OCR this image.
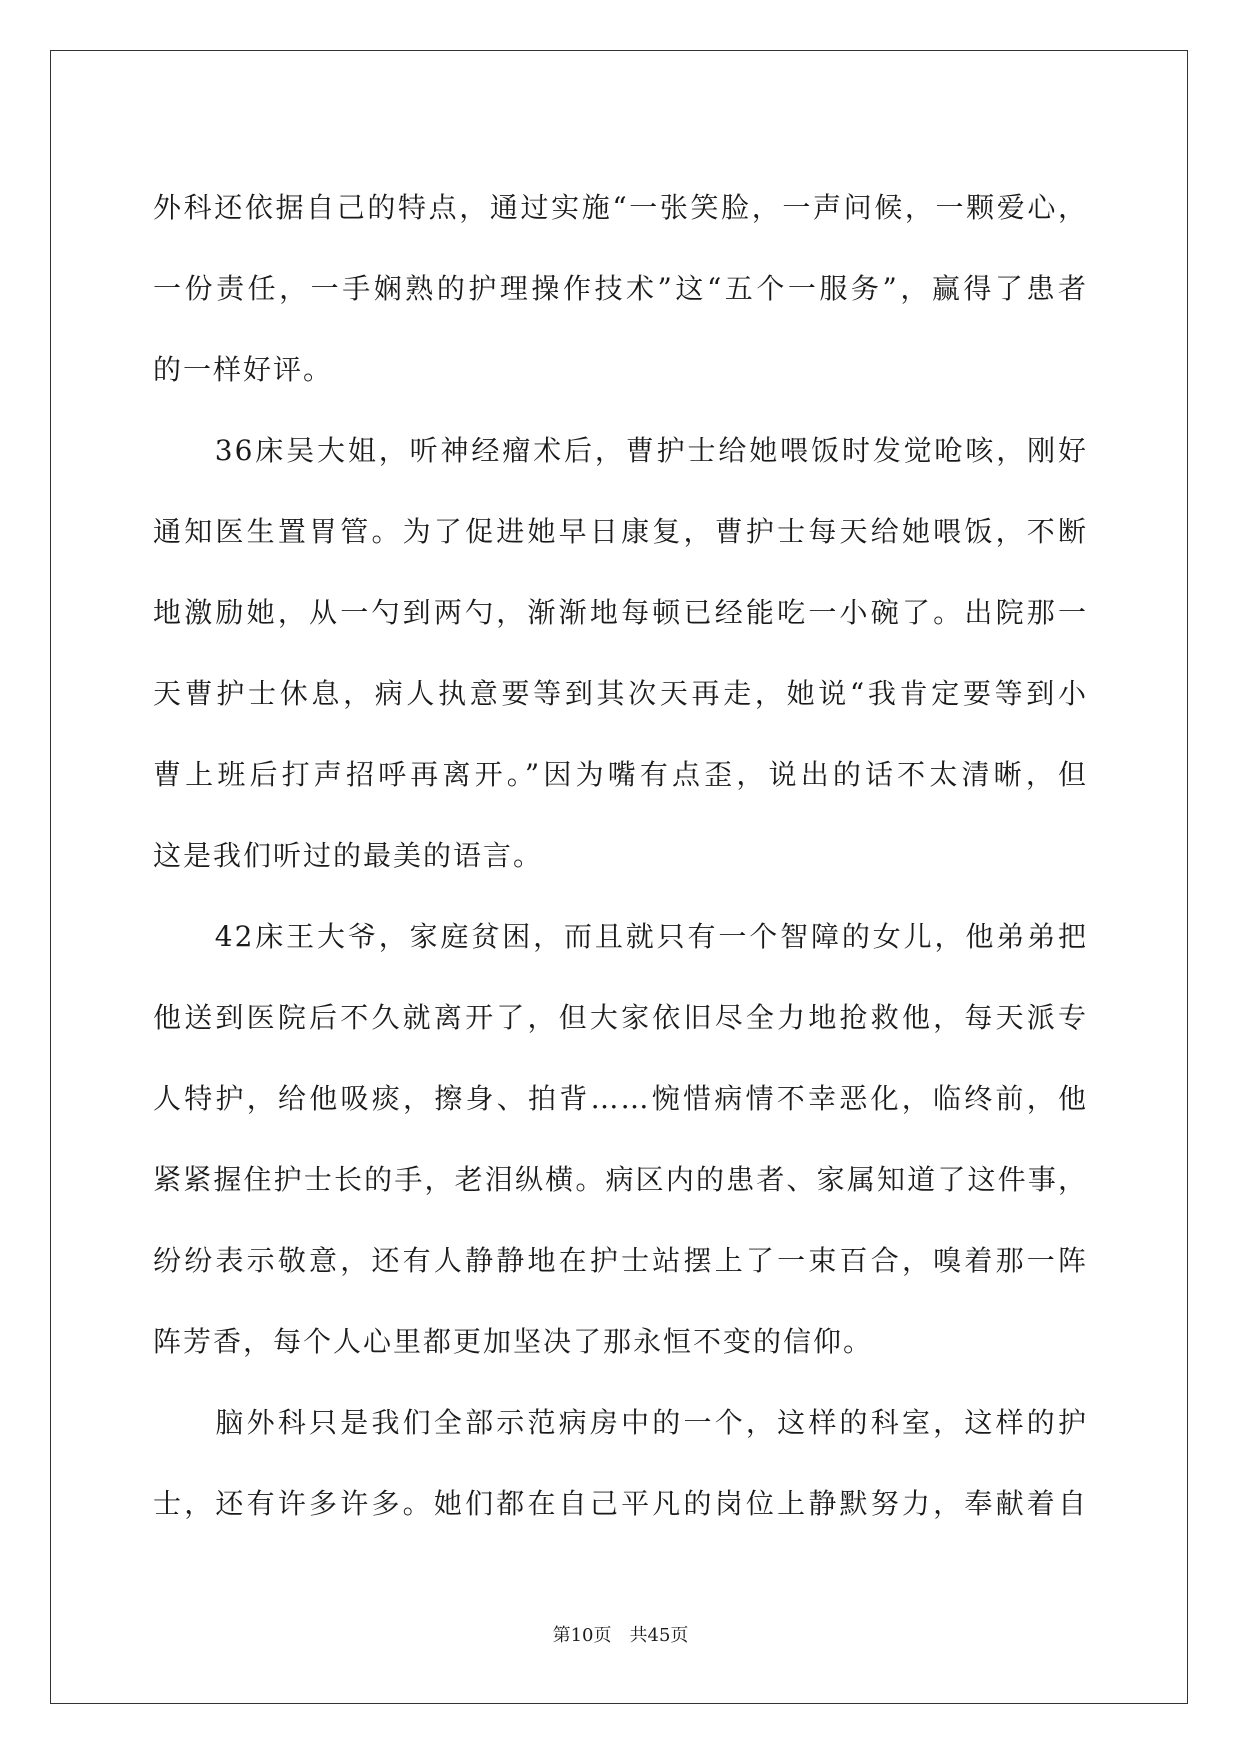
外科还依据自己的特点，通过实施“一张笑脸，一声问候，一颗爱心，
一份责任，一手娴熟的护理操作技术”这“五个一服务”，赢得了患者
的一样好评。
　　36床吴大姐，听神经瘤术后，曹护士给她喂饭时发觉呛咳，刚好
通知医生置胃管。为了促进她早日康复，曹护士每天给她喂饭，不断
地激励她，从一勺到两勺，渐渐地每顿已经能吃一小碗了。出院那一
天曹护士休息，病人执意要等到其次天再走，她说“我肯定要等到小
曹上班后打声招呼再离开。”因为嘴有点歪，说出的话不太清晰，但
这是我们听过的最美的语言。
　　42床王大爷，家庭贫困，而且就只有一个智障的女儿，他弟弟把
他送到医院后不久就离开了，但大家依旧尽全力地抢救他，每天派专
人特护，给他吸痰，擦身、拍背……惋惜病情不幸恶化，临终前，他
紧紧握住护士长的手，老泪纵横。病区内的患者、家属知道了这件事，
纷纷表示敬意，还有人静静地在护士站摆上了一束百合，嗅着那一阵
阵芳香，每个人心里都更加坚决了那永恒不变的信仰。
　　脑外科只是我们全部示范病房中的一个，这样的科室，这样的护
士，还有许多许多。她们都在自己平凡的岗位上静默努力，奉献着自
第10页　共45页
